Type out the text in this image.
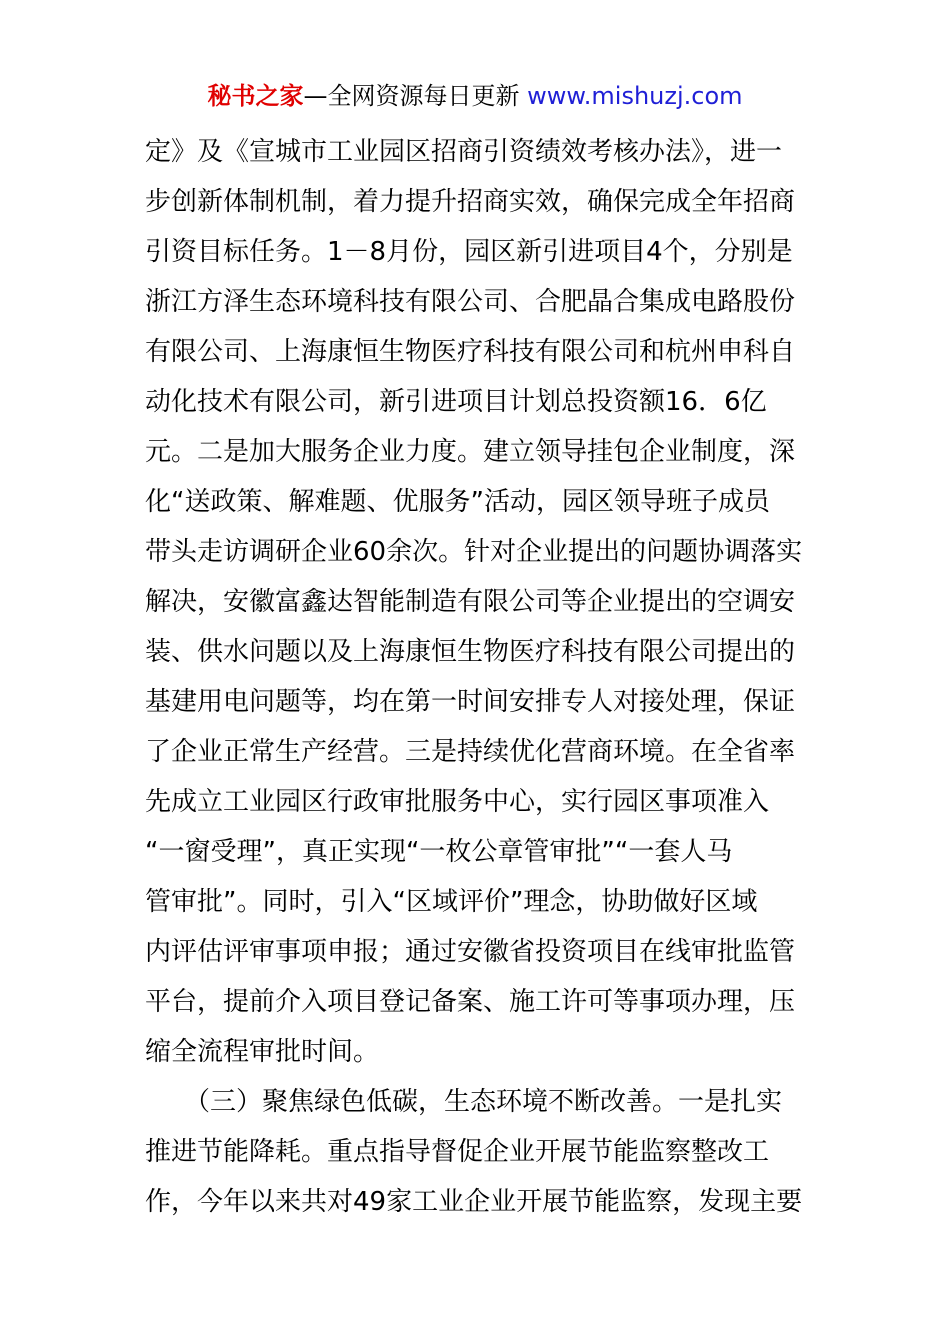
秘书之家—全网资源每日更新 www.mishuzj.com
定》及《宣城市工业园区招商引资绩效考核办法》，进一
步创新体制机制，着力提升招商实效，确保完成全年招商
引资目标任务。1－8月份，园区新引进项目4个，分别是
浙江方泽生态环境科技有限公司、合肥晶合集成电路股份
有限公司、上海康恒生物医疗科技有限公司和杭州申科自
动化技术有限公司，新引进项目计划总投资额16．6亿
元。二是加大服务企业力度。建立领导挂包企业制度，深
化“送政策、解难题、优服务”活动，园区领导班子成员
带头走访调研企业60余次。针对企业提出的问题协调落实
解决，安徽富鑫达智能制造有限公司等企业提出的空调安
装、供水问题以及上海康恒生物医疗科技有限公司提出的
基建用电问题等，均在第一时间安排专人对接处理，保证
了企业正常生产经营。三是持续优化营商环境。在全省率
先成立工业园区行政审批服务中心，实行园区事项准入
“一窗受理”，真正实现“一枚公章管审批”“一套人马
管审批”。同时，引入“区域评价”理念，协助做好区域
内评估评审事项申报；通过安徽省投资项目在线审批监管
平台，提前介入项目登记备案、施工许可等事项办理，压
缩全流程审批时间。
　　（三）聚焦绿色低碳，生态环境不断改善。一是扎实
推进节能降耗。重点指导督促企业开展节能监察整改工
作，今年以来共对49家工业企业开展节能监察，发现主要
